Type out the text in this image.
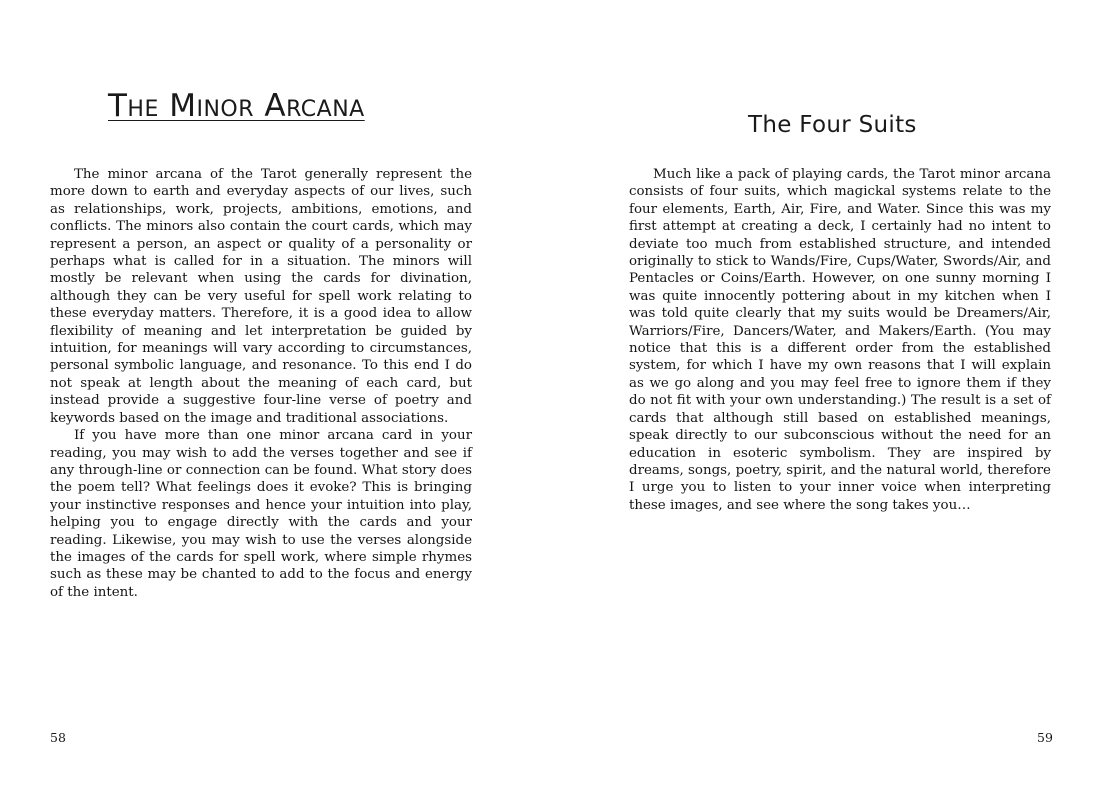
The Minor Arcana

The minor arcana of the Tarot generally represent the more down to earth and everyday aspects of our lives, such as relationships, work, projects, ambitions, emotions, and conflicts. The minors also contain the court cards, which may represent a person, an aspect or quality of a personality or perhaps what is called for in a situation. The minors will mostly be relevant when using the cards for divination, although they can be very useful for spell work relating to these everyday matters. Therefore, it is a good idea to allow flexibility of meaning and let interpretation be guided by intuition, for meanings will vary according to circumstances, personal symbolic language, and resonance. To this end I do not speak at length about the meaning of each card, but instead provide a suggestive four-line verse of poetry and keywords based on the image and traditional associations.

If you have more than one minor arcana card in your reading, you may wish to add the verses together and see if any through-line or connection can be found. What story does the poem tell? What feelings does it evoke? This is bringing your instinctive responses and hence your intuition into play, helping you to engage directly with the cards and your reading. Likewise, you may wish to use the verses alongside the images of the cards for spell work, where simple rhymes such as these may be chanted to add to the focus and energy of the intent.

58
The Four Suits

Much like a pack of playing cards, the Tarot minor arcana consists of four suits, which magickal systems relate to the four elements, Earth, Air, Fire, and Water. Since this was my first attempt at creating a deck, I certainly had no intent to deviate too much from established structure, and intended originally to stick to Wands/Fire, Cups/Water, Swords/Air, and Pentacles or Coins/Earth. However, on one sunny morning I was quite innocently pottering about in my kitchen when I was told quite clearly that my suits would be Dreamers/Air, Warriors/Fire, Dancers/Water, and Makers/Earth. (You may notice that this is a different order from the established system, for which I have my own reasons that I will explain as we go along and you may feel free to ignore them if they do not fit with your own understanding.) The result is a set of cards that although still based on established meanings, speak directly to our subconscious without the need for an education in esoteric symbolism. They are inspired by dreams, songs, poetry, spirit, and the natural world, therefore I urge you to listen to your inner voice when interpreting these images, and see where the song takes you…

59
